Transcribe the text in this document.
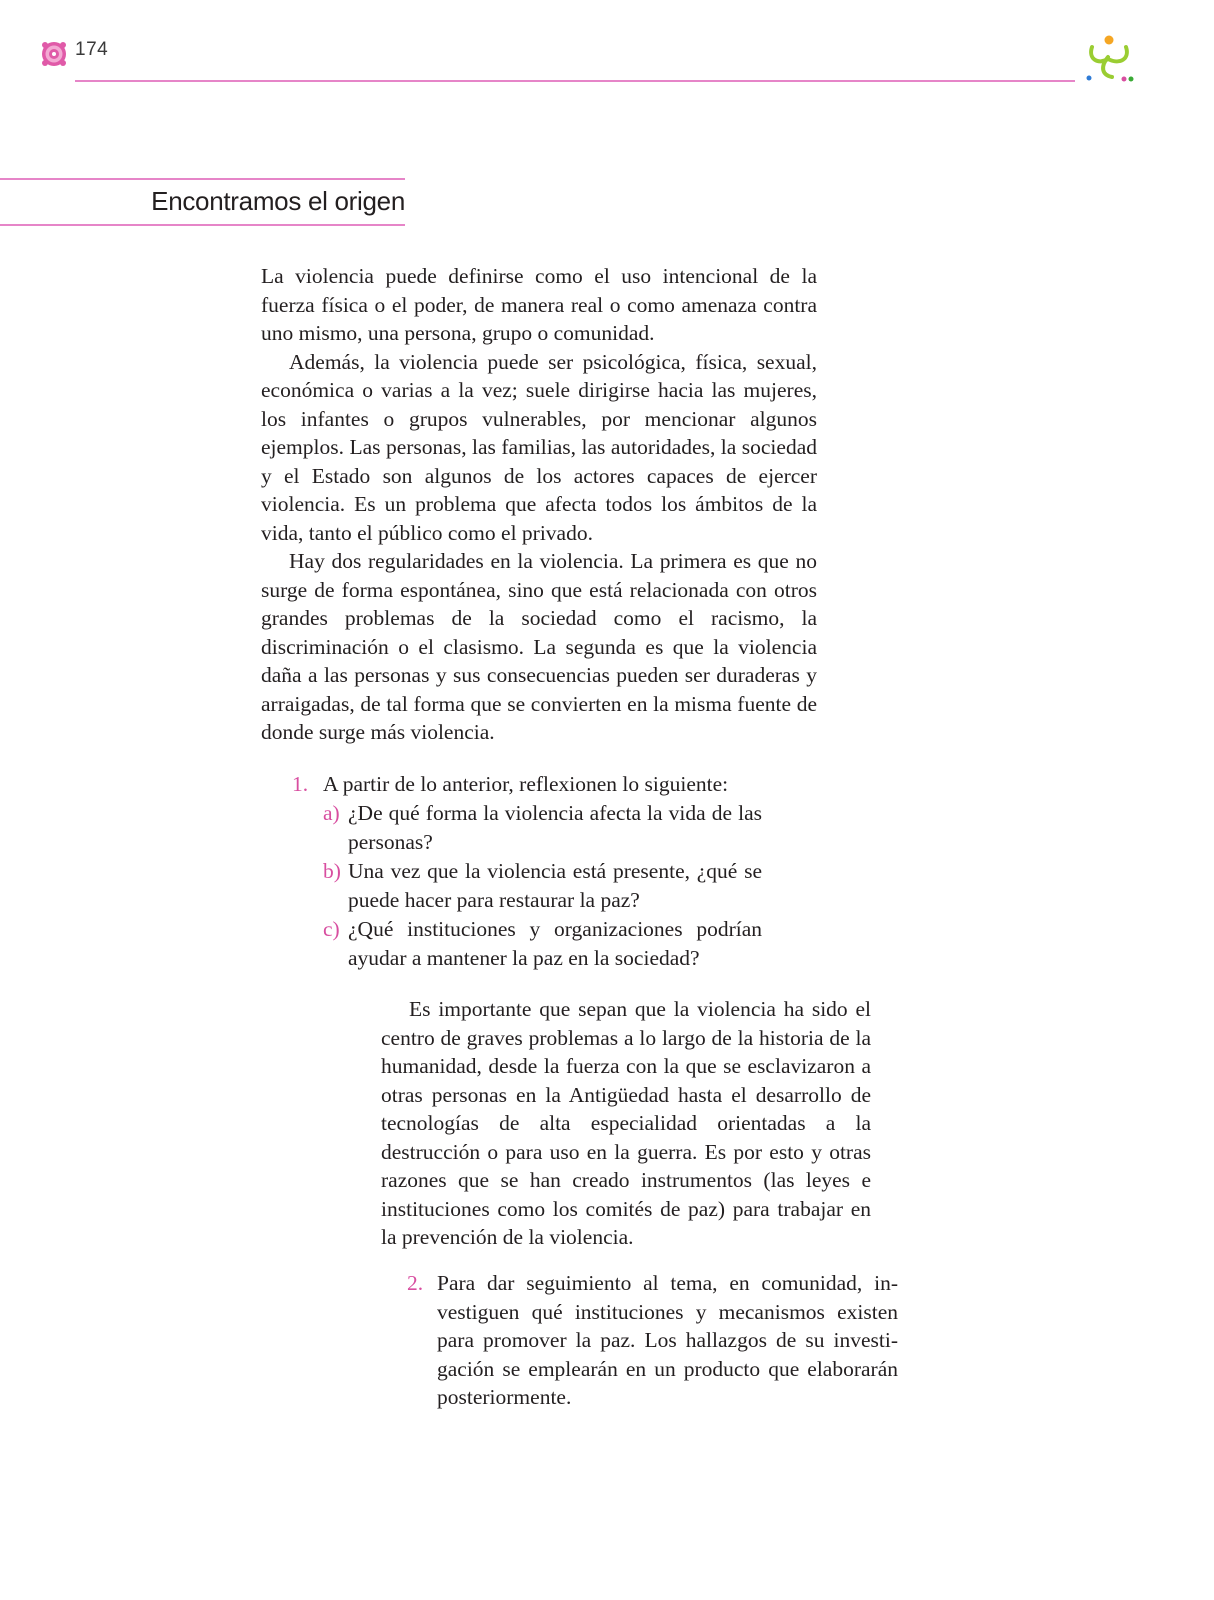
174
Encontramos el origen

La violencia puede definirse como el uso intencional de la fuerza física o el poder, de manera real o como amenaza contra uno mismo, una persona, grupo o comunidad.

Además, la violencia puede ser psicológica, física, sexual, económica o varias a la vez; suele dirigirse hacia las mujeres, los infantes o grupos vulnerables, por mencionar algunos ejemplos. Las personas, las familias, las autoridades, la sociedad y el Estado son algunos de los actores capaces de ejercer violencia. Es un problema que afecta todos los ámbitos de la vida, tanto el público como el privado.

Hay dos regularidades en la violencia. La primera es que no surge de forma espontánea, sino que está relacionada con otros grandes problemas de la sociedad como el racismo, la discriminación o el clasismo. La segunda es que la violencia daña a las personas y sus consecuencias pueden ser duraderas y arraigadas, de tal forma que se convierten en la misma fuente de donde surge más violencia.

1. A partir de lo anterior, reflexionen lo siguiente:
a) ¿De qué forma la violencia afecta la vida de las personas?
b) Una vez que la violencia está presente, ¿qué se puede hacer para restaurar la paz?
c) ¿Qué instituciones y organizaciones podrían ayudar a mantener la paz en la sociedad?

Es importante que sepan que la violencia ha sido el centro de graves problemas a lo largo de la historia de la humanidad, desde la fuerza con la que se esclavizaron a otras personas en la Antigüedad hasta el desarrollo de tecnologías de alta especialidad orientadas a la destrucción o para uso en la guerra. Es por esto y otras razones que se han creado instrumentos (las leyes e instituciones como los comités de paz) para trabajar en la prevención de la violencia.

2. Para dar seguimiento al tema, en comunidad, investiguen qué instituciones y mecanismos existen para promover la paz. Los hallazgos de su investigación se emplearán en un producto que elaborarán posteriormente.
